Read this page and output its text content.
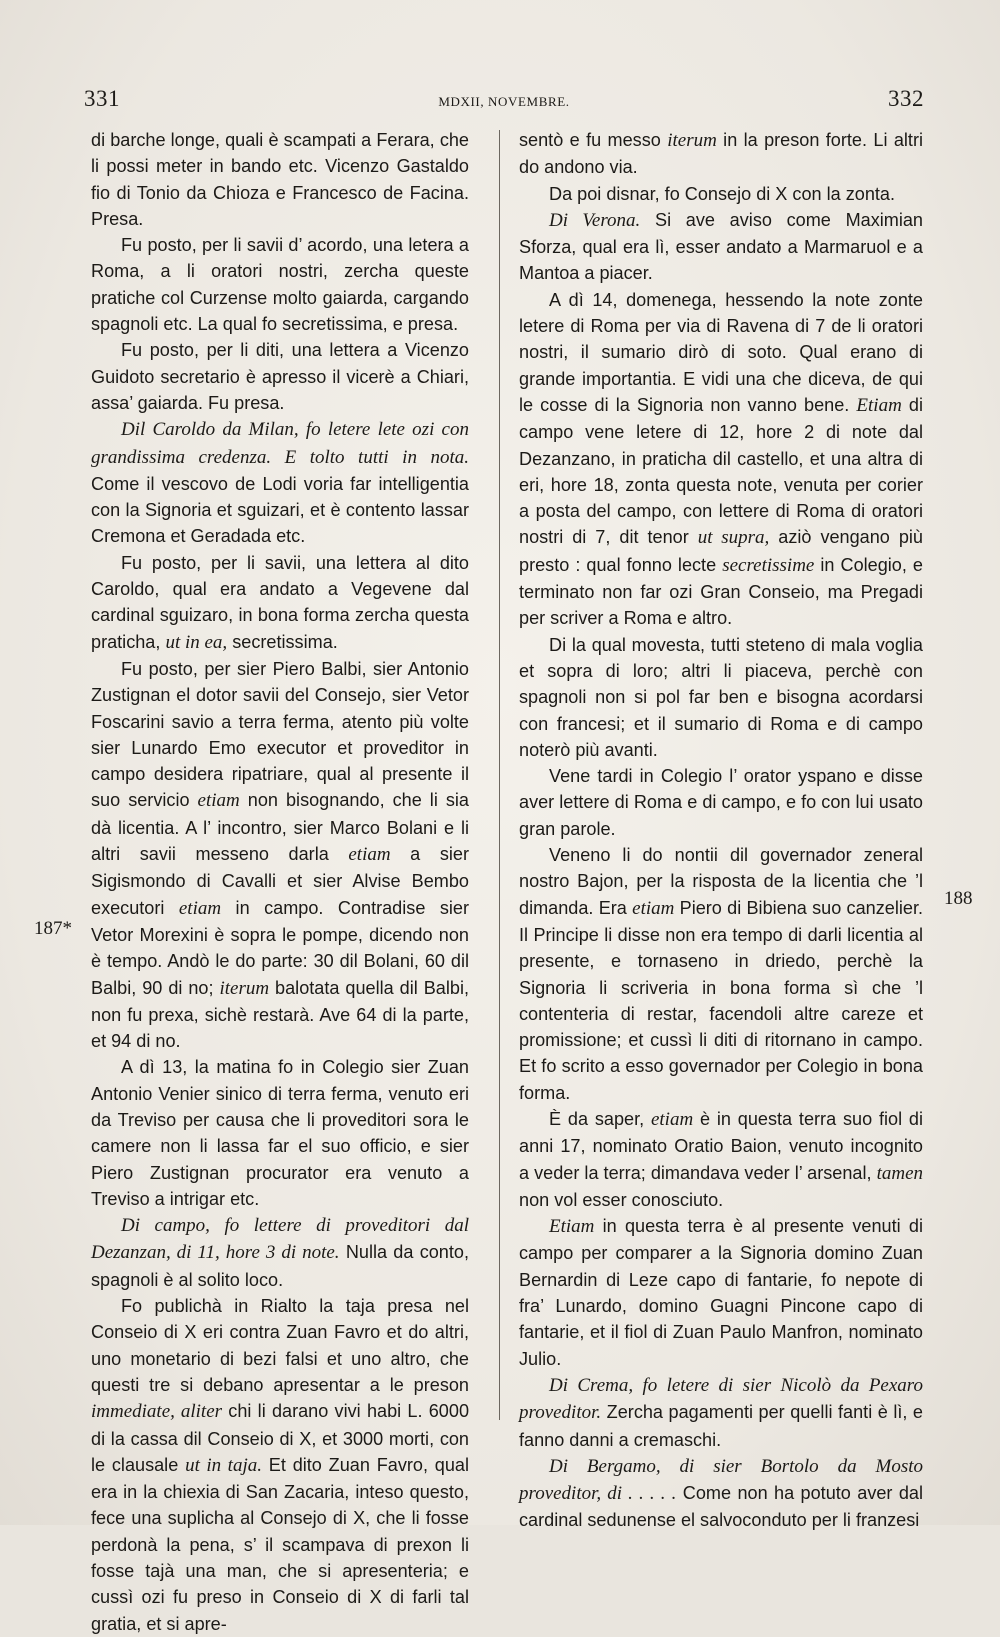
331	MDXII, NOVEMBRE.	332
187*
188

di barche longe, quali è scampati a Ferara, che li possi meter in bando etc. Vicenzo Gastaldo fio di Tonio da Chioza e Francesco de Facina. Presa.

Fu posto, per li savii d’ acordo, una letera a Roma, a li oratori nostri, zercha queste pratiche col Curzense molto gaiarda, cargando spagnoli etc. La qual fo secretissima, e presa.

Fu posto, per li diti, una lettera a Vicenzo Guidoto secretario è apresso il vicerè a Chiari, assa’ gaiarda. Fu presa.

Dil Caroldo da Milan, fo letere lete ozi con grandissima credenza. E tolto tutti in nota. Come il vescovo de Lodi voria far intelligentia con la Signoria et sguizari, et è contento lassar Cremona et Geradada etc.

Fu posto, per li savii, una lettera al dito Caroldo, qual era andato a Vegevene dal cardinal sguizaro, in bona forma zercha questa praticha, ut in ea, secretissima.

Fu posto, per sier Piero Balbi, sier Antonio Zustignan el dotor savii del Consejo, sier Vetor Foscarini savio a terra ferma, atento più volte sier Lunardo Emo executor et proveditor in campo desidera ripatriare, qual al presente il suo servicio etiam non bisognando, che li sia dà licentia. A l’ incontro, sier Marco Bolani e li altri savii messeno darla etiam a sier Sigismondo di Cavalli et sier Alvise Bembo executori etiam in campo. Contradise sier Vetor Morexini è sopra le pompe, dicendo non è tempo. Andò le do parte: 30 dil Bolani, 60 dil Balbi, 90 di no; iterum balotata quella dil Balbi, non fu prexa, sichè restarà. Ave 64 di la parte, et 94 di no.

A dì 13, la matina fo in Colegio sier Zuan Antonio Venier sinico di terra ferma, venuto eri da Treviso per causa che li proveditori sora le camere non li lassa far el suo officio, e sier Piero Zustignan procurator era venuto a Treviso a intrigar etc.

Di campo, fo lettere di proveditori dal Dezanzan, di 11, hore 3 di note. Nulla da conto, spagnoli è al solito loco.

Fo publichà in Rialto la taja presa nel Conseio di X eri contra Zuan Favro et do altri, uno monetario di bezi falsi et uno altro, che questi tre si debano apresentar a le preson immediate, aliter chi li darano vivi habi L. 6000 di la cassa dil Conseio di X, et 3000 morti, con le clausale ut in taja. Et dito Zuan Favro, qual era in la chiexia di San Zacaria, inteso questo, fece una suplicha al Consejo di X, che li fosse perdonà la pena, s’ il scampava di prexon li fosse tajà una man, che si apresenteria; e cussì ozi fu preso in Conseio di X di farli tal gratia, et si apre-

sentò e fu messo iterum in la preson forte. Li altri do andono via.

Da poi disnar, fo Consejo di X con la zonta.

Di Verona. Si ave aviso come Maximian Sforza, qual era lì, esser andato a Marmaruol e a Mantoa a piacer.

A dì 14, domenega, hessendo la note zonte letere di Roma per via di Ravena di 7 de li oratori nostri, il sumario dirò di soto. Qual erano di grande importantia. E vidi una che diceva, de qui le cosse di la Signoria non vanno bene. Etiam di campo vene letere di 12, hore 2 di note dal Dezanzano, in praticha dil castello, et una altra di eri, hore 18, zonta questa note, venuta per corier a posta del campo, con lettere di Roma di oratori nostri di 7, dit tenor ut supra, aziò vengano più presto : qual fonno lecte secretissime in Colegio, e terminato non far ozi Gran Conseio, ma Pregadi per scriver a Roma e altro.

Di la qual movesta, tutti steteno di mala voglia et sopra di loro; altri li piaceva, perchè con spagnoli non si pol far ben e bisogna acordarsi con francesi; et il sumario di Roma e di campo noterò più avanti.

Vene tardi in Colegio l’ orator yspano e disse aver lettere di Roma e di campo, e fo con lui usato gran parole.

Veneno li do nontii dil governador zeneral nostro Bajon, per la risposta de la licentia che ’l dimanda. Era etiam Piero di Bibiena suo canzelier. Il Principe li disse non era tempo di darli licentia al presente, e tornaseno in driedo, perchè la Signoria li scriveria in bona forma sì che ’l contenteria di restar, facendoli altre careze et promissione; et cussì li diti di ritornano in campo. Et fo scrito a esso governador per Colegio in bona forma.

È da saper, etiam è in questa terra suo fiol di anni 17, nominato Oratio Baion, venuto incognito a veder la terra; dimandava veder l’ arsenal, tamen non vol esser conosciuto.

Etiam in questa terra è al presente venuti di campo per comparer a la Signoria domino Zuan Bernardin di Leze capo di fantarie, fo nepote di fra’ Lunardo, domino Guagni Pincone capo di fantarie, et il fiol di Zuan Paulo Manfron, nominato Julio.

Di Crema, fo letere di sier Nicolò da Pexaro proveditor. Zercha pagamenti per quelli fanti è lì, e fanno danni a cremaschi.

Di Bergamo, di sier Bortolo da Mosto proveditor, di . . . . . Come non ha potuto aver dal cardinal sedunense el salvoconduto per li franzesi
